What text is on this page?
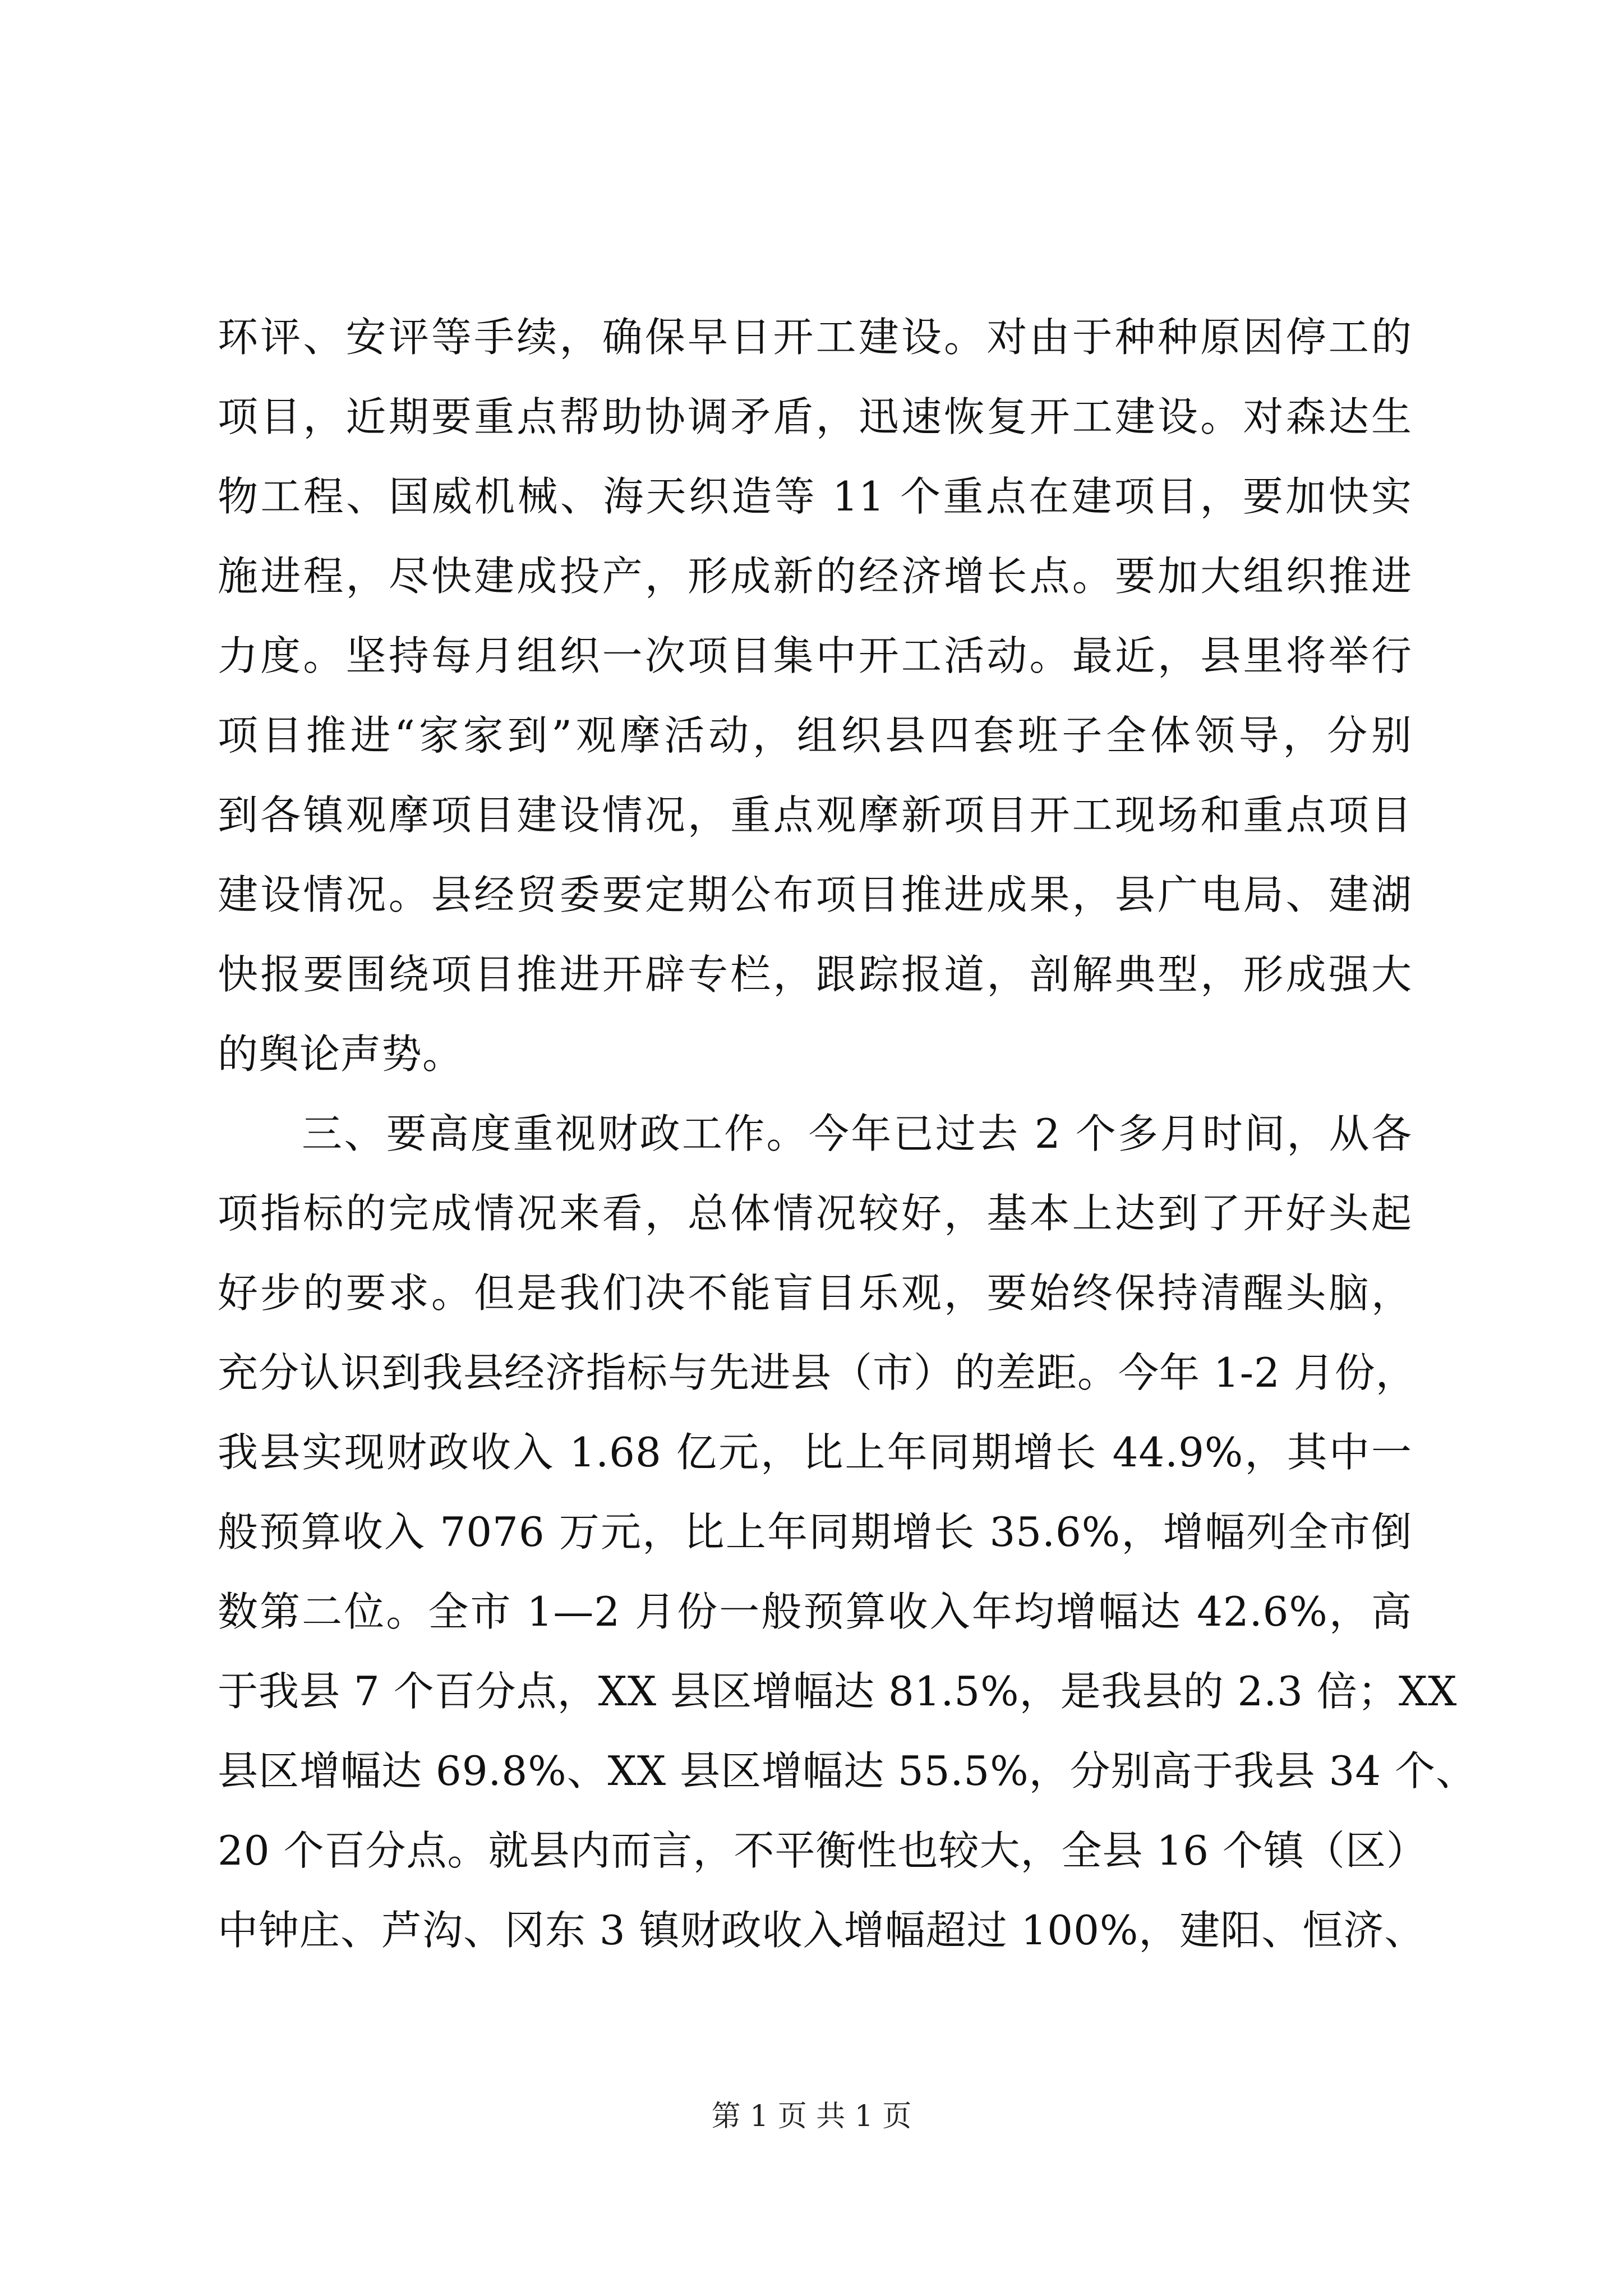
环评、安评等手续，确保早日开工建设。对由于种种原因停工的
项目，近期要重点帮助协调矛盾，迅速恢复开工建设。对森达生
物工程、国威机械、海天织造等 11 个重点在建项目，要加快实
施进程，尽快建成投产，形成新的经济增长点。要加大组织推进
力度。坚持每月组织一次项目集中开工活动。最近，县里将举行
项目推进“家家到”观摩活动，组织县四套班子全体领导，分别
到各镇观摩项目建设情况，重点观摩新项目开工现场和重点项目
建设情况。县经贸委要定期公布项目推进成果，县广电局、建湖
快报要围绕项目推进开辟专栏，跟踪报道，剖解典型，形成强大
的舆论声势。
三、要高度重视财政工作。今年已过去 2 个多月时间，从各
项指标的完成情况来看，总体情况较好，基本上达到了开好头起
好步的要求。但是我们决不能盲目乐观，要始终保持清醒头脑，
充分认识到我县经济指标与先进县（市）的差距。今年 1-2 月份，
我县实现财政收入 1.68 亿元，比上年同期增长 44.9%，其中一
般预算收入 7076 万元，比上年同期增长 35.6%，增幅列全市倒
数第二位。全市 1—2 月份一般预算收入年均增幅达 42.6%，高
于我县 7 个百分点，XX 县区增幅达 81.5%，是我县的 2.3 倍；XX
县区增幅达 69.8%、XX 县区增幅达 55.5%，分别高于我县 34 个、
20 个百分点。就县内而言，不平衡性也较大，全县 16 个镇（区）
中钟庄、芦沟、冈东 3 镇财政收入增幅超过 100%，建阳、恒济、
第 1 页 共 1 页
